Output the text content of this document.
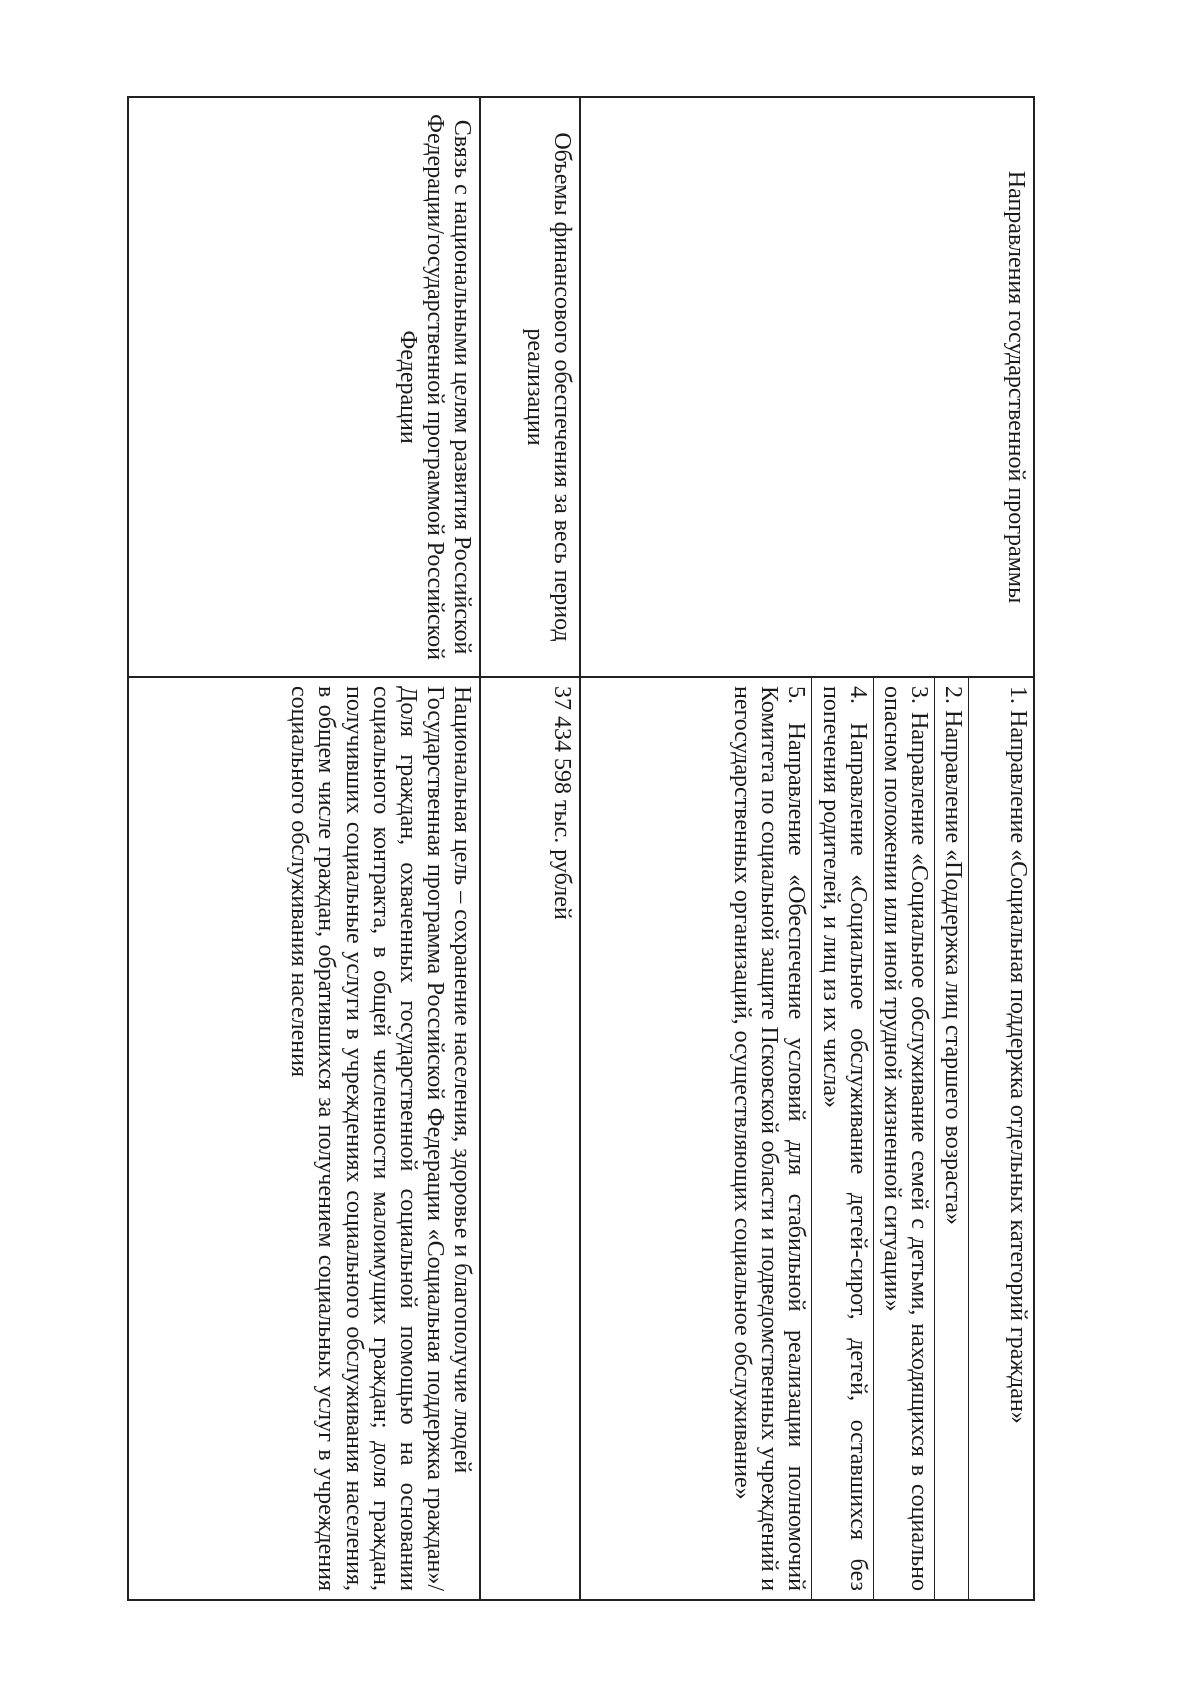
Направления государственной программы	1. Направление «Социальная поддержка отдельных категорий граждан»
2. Направление «Поддержка лиц старшего возраста»
3. Направление «Социальное обслуживание семей с детьми, находящихся в социально опасном положении или иной трудной жизненной ситуации»
4. Направление «Социальное обслуживание детей-сирот, детей, оставшихся без попечения родителей, и лиц из их числа»
5. Направление «Обеспечение условий для стабильной реализации полномочий Комитета по социальной защите Псковской области и подведомственных учреждений и негосударственных организаций, осуществляющих социальное обслуживание»

Объемы финансового обеспечения за весь период реализации	37 434 598 тыс. рублей
Связь с национальными целям развития Российской Федерации/государственной программой Российской Федерации	Национальная цель – сохранение населения, здоровье и благополучие людей
Государственная программа Российской Федерации «Социальная поддержка граждан»/ Доля граждан, охваченных государственной социальной помощью на основании социального контракта, в общей численности малоимущих граждан; доля граждан, получивших социальные услуги в учреждениях социального обслуживания населения, в общем числе граждан, обратившихся за получением социальных услуг в учреждения социального обслуживания населения
